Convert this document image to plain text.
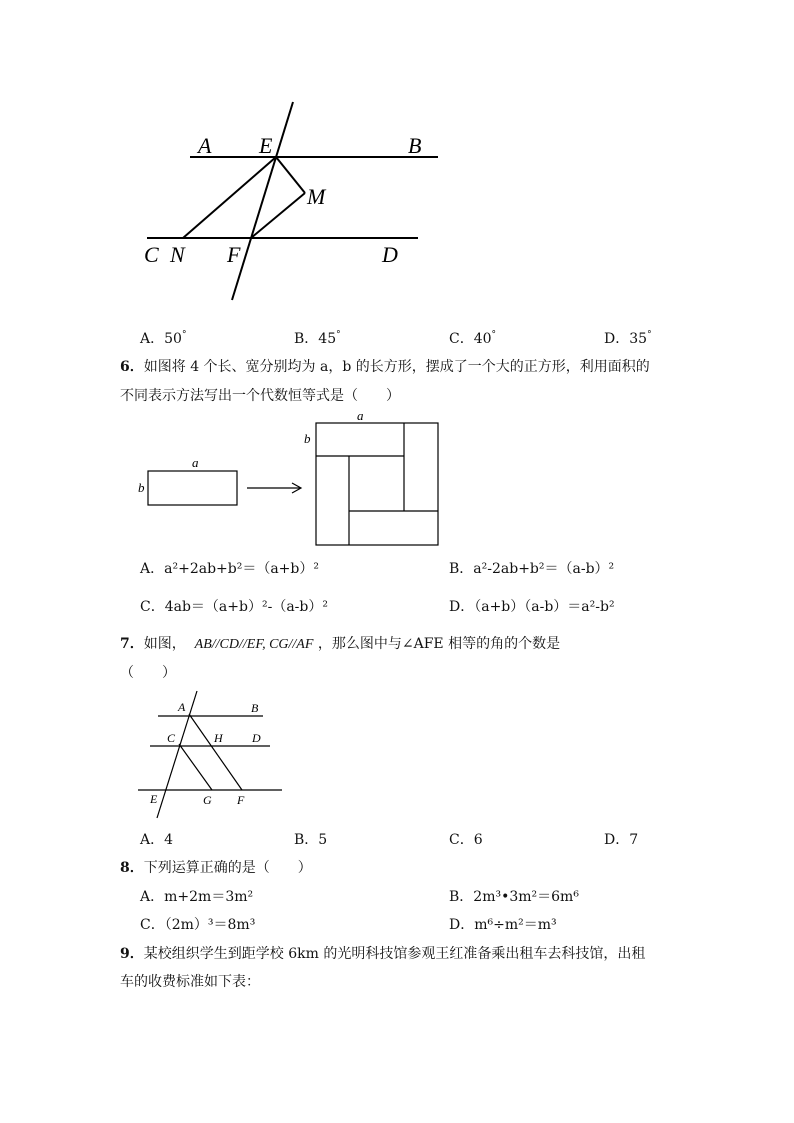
A E	B
M
C N F	D
A．50°	B．45°	C．40°	D．35°
6．如图将 4 个长、宽分别均为 a，b 的长方形，摆成了一个大的正方形，利用面积的
不同表示方法写出一个代数恒等式是（　　）
a
b
a
b
A．a²+2ab+b²＝（a+b）²	B．a²-2ab+b²＝（a-b）²
C．4ab＝（a+b）²-（a-b）²	D．（a+b）（a-b）＝a²-b²
7．如图， AB//CD//EF, CG//AF ，那么图中与∠AFE 相等的角的个数是
（　　）
A	B
C	H D
E	G F
A．4	B．5	C．6	D．7
8．下列运算正确的是（　　）
A．m+2m＝3m²	B．2m³•3m²＝6m⁶
C．（2m）³＝8m³	D．m⁶÷m²＝m³
9．某校组织学生到距学校 6km 的光明科技馆参观王红准备乘出租车去科技馆，出租
车的收费标准如下表：
